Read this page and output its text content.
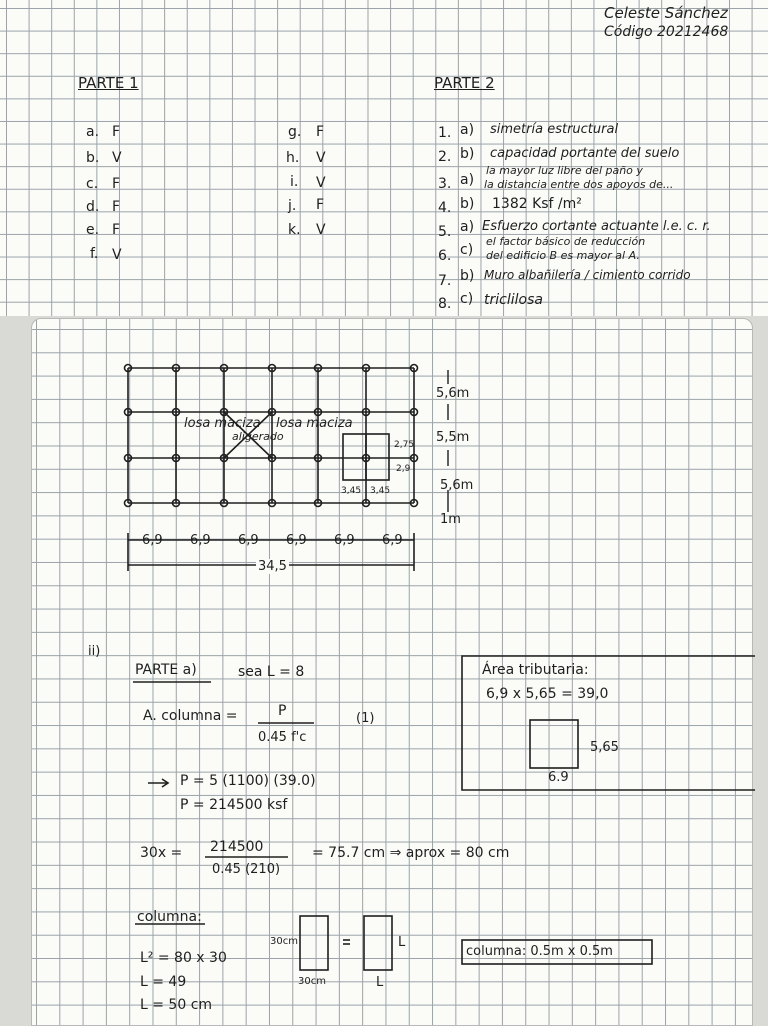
Celeste Sánchez
Código 20212468
PARTE 1
a. F
b. V
c. F
d. F
e. F
f. V
g. F
h. V
i. V
j. F
k. V
PARTE 2
1. a) simetría estructural
2. b) capacidad portante del suelo
3. a)
la mayor luz libre del paño y
la distancia entre dos apoyos de...
4. b) 1382 Ksf /m²
5. a) Esfuerzo cortante actuante l.e. c. r.
6. c)
el factor básico de reducción
del edificio B es mayor al A.
7. b) Muro albañilería / cimiento corrido
8. c) triclilosa
losa maciza
aligerado
losa maciza
5,6m
5,5m
5,6m
1m
2,75
2,9
3,45 3,45
6,9 6,9 6,9 6,9 6,9 6,9
34,5
ii)
PARTE a)	sea L = 8
A. columna =	P
0.45 f'c
(1)
P = 5 (1100) (39.0)
P = 214500 ksf
30x = 214500
0.45 (210)
= 75.7 cm ⇒ aprox = 80 cm
columna:
L² = 80 x 30
L = 49
L = 50 cm
30cm
30cm
L
L
columna: 0.5m x 0.5m
Área tributaria:
6,9 x 5,65 = 39,0
5,65
6.9
